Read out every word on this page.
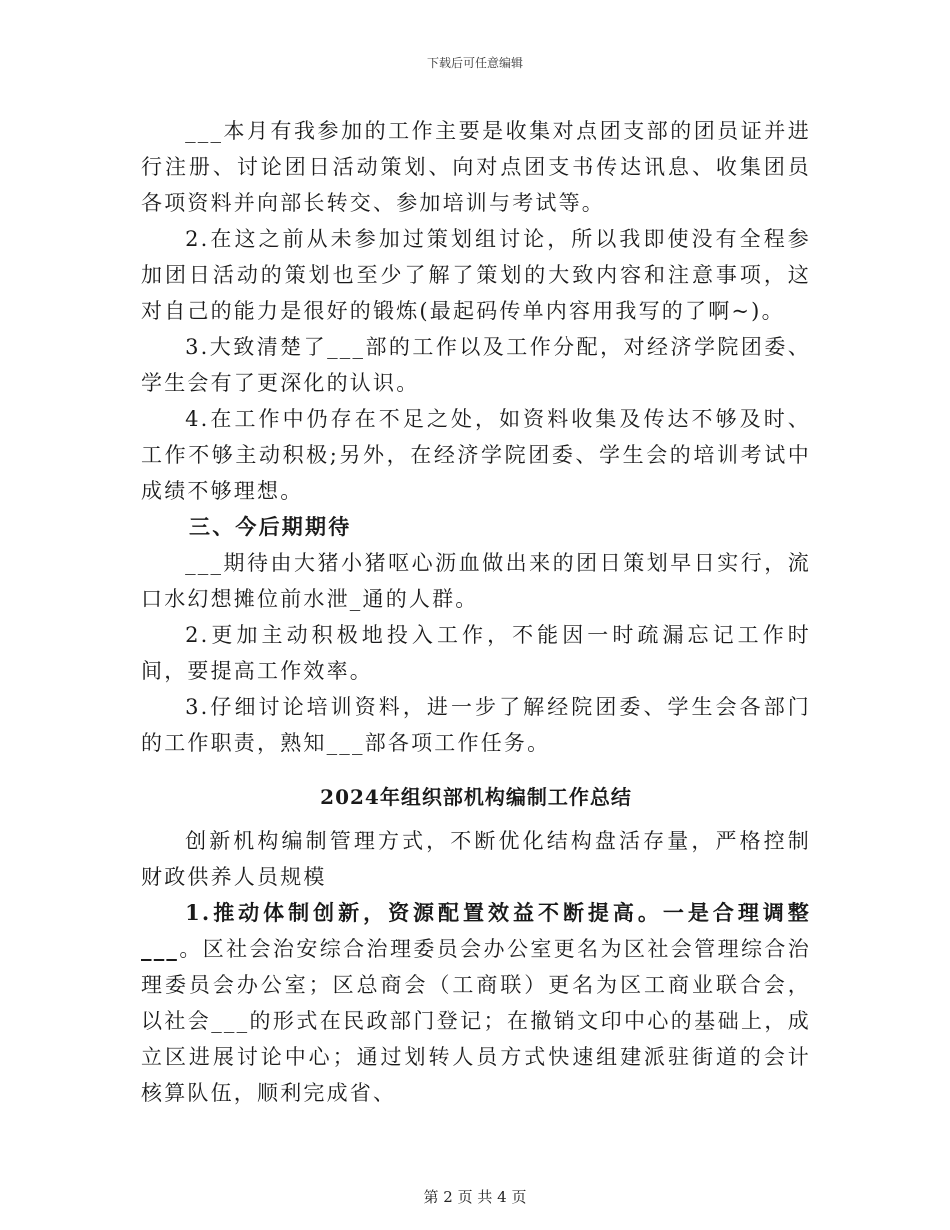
下载后可任意编辑

___本月有我参加的工作主要是收集对点团支部的团员证并进行注册、讨论团日活动策划、向对点团支书传达讯息、收集团员各项资料并向部长转交、参加培训与考试等。

2.在这之前从未参加过策划组讨论，所以我即使没有全程参加团日活动的策划也至少了解了策划的大致内容和注意事项，这对自己的能力是很好的锻炼(最起码传单内容用我写的了啊~)。

3.大致清楚了___部的工作以及工作分配，对经济学院团委、学生会有了更深化的认识。

4.在工作中仍存在不足之处，如资料收集及传达不够及时、工作不够主动积极;另外，在经济学院团委、学生会的培训考试中成绩不够理想。

三、今后期期待

___期待由大猪小猪呕心沥血做出来的团日策划早日实行，流口水幻想摊位前水泄_通的人群。

2.更加主动积极地投入工作，不能因一时疏漏忘记工作时间，要提高工作效率。

3.仔细讨论培训资料，进一步了解经院团委、学生会各部门的工作职责，熟知___部各项工作任务。

2024年组织部机构编制工作总结

创新机构编制管理方式，不断优化结构盘活存量，严格控制财政供养人员规模

1.推动体制创新，资源配置效益不断提高。一是合理调整___。区社会治安综合治理委员会办公室更名为区社会管理综合治理委员会办公室；区总商会（工商联）更名为区工商业联合会，以社会___的形式在民政部门登记；在撤销文印中心的基础上，成立区进展讨论中心；通过划转人员方式快速组建派驻街道的会计核算队伍，顺利完成省、

第 2 页 共 4 页
